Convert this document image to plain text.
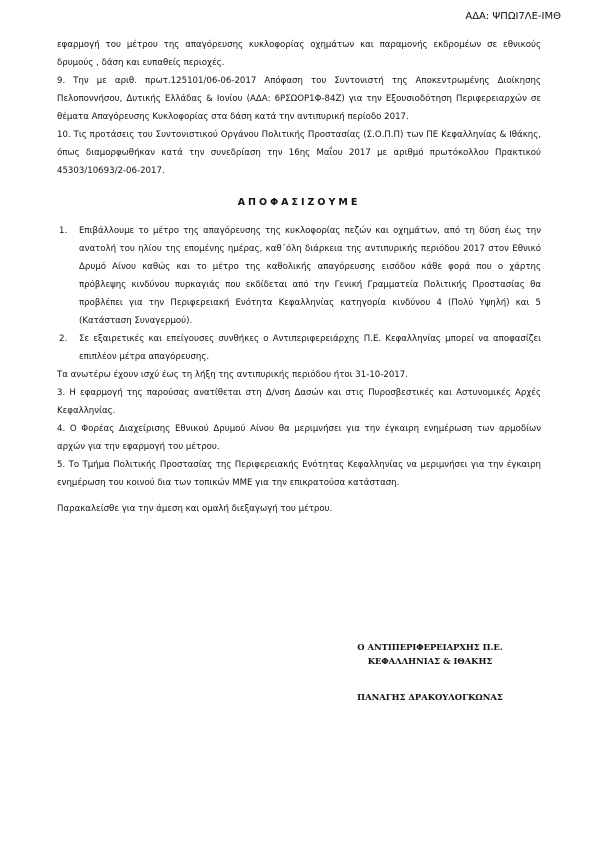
ΑΔΑ: ΨΠΩΙ7ΛΕ-ΙΜΘ

εφαρμογή του μέτρου της απαγόρευσης κυκλοφορίας οχημάτων και παραμονής εκδρομέων σε εθνικούς δρυμούς , δάση και ευπαθείς περιοχές.

9. Την με αριθ. πρωτ.125101/06-06-2017 Απόφαση του Συντονιστή της Αποκεντρωμένης Διοίκησης Πελοποννήσου, Δυτικής Ελλάδας & Ιονίου (ΑΔΑ: 6ΡΣΩΟΡ1Φ-84Ζ) για την Εξουσιοδότηση Περιφερειαρχών σε θέματα Απαγόρευσης Κυκλοφορίας στα δάση κατά την αντιπυρική περίοδο 2017.

10. Τις προτάσεις του Συντονιστικού Οργάνου Πολιτικής Προστασίας (Σ.Ο.Π.Π) των ΠΕ Κεφαλληνίας & Ιθάκης, όπως διαμορφωθήκαν κατά την συνεδρίαση την 16ης Μαΐου 2017 με αριθμό πρωτόκολλου Πρακτικού 45303/10693/2-06-2017.

ΑΠΟΦΑΣΙΖΟΥΜΕ

1. Επιβάλλουμε το μέτρο της απαγόρευσης της κυκλοφορίας πεζών και οχημάτων, από τη δύση έως την ανατολή του ηλίου της επομένης ημέρας, καθ΄όλη διάρκεια της αντιπυρικής περιόδου 2017 στον Εθνικό Δρυμό Αίνου καθώς και το μέτρο της καθολικής απαγόρευσης εισόδου κάθε φορά που ο χάρτης πρόβλεψης κινδύνου πυρκαγιάς που εκδίδεται από την Γενική Γραμματεία Πολιτικής Προστασίας θα προβλέπει για την Περιφερειακή Ενότητα Κεφαλληνίας κατηγορία κινδύνου 4 (Πολύ Υψηλή) και 5 (Κατάσταση Συναγερμού).
2. Σε εξαιρετικές και επείγουσες συνθήκες ο Αντιπεριφερειάρχης Π.Ε. Κεφαλληνίας μπορεί να αποφασίζει επιπλέον μέτρα απαγόρευσης.

Τα ανωτέρω έχουν ισχύ έως τη λήξη της αντιπυρικής περιόδου ήτοι 31-10-2017.

3. Η εφαρμογή της παρούσας ανατίθεται στη Δ/νση Δασών και στις Πυροσβεστικές και Αστυνομικές Αρχές Κεφαλληνίας.

4. Ο Φορέας Διαχείρισης Εθνικού Δρυμού Αίνου θα μεριμνήσει για την έγκαιρη ενημέρωση των αρμοδίων αρχών για την εφαρμογή του μέτρου.

5. Το Τμήμα Πολιτικής Προστασίας της Περιφερειακής Ενότητας Κεφαλληνίας να μεριμνήσει για την έγκαιρη ενημέρωση του κοινού δια των τοπικών ΜΜΕ για την επικρατούσα κατάσταση.

Παρακαλείσθε για την άμεση και ομαλή διεξαγωγή του μέτρου.

Ο ΑΝΤΙΠΕΡΙΦΕΡΕΙΑΡΧΗΣ Π.Ε.
ΚΕΦΑΛΛΗΝΙΑΣ & ΙΘΑΚΗΣ
ΠΑΝΑΓΗΣ ΔΡΑΚΟΥΛΟΓΚΩΝΑΣ
